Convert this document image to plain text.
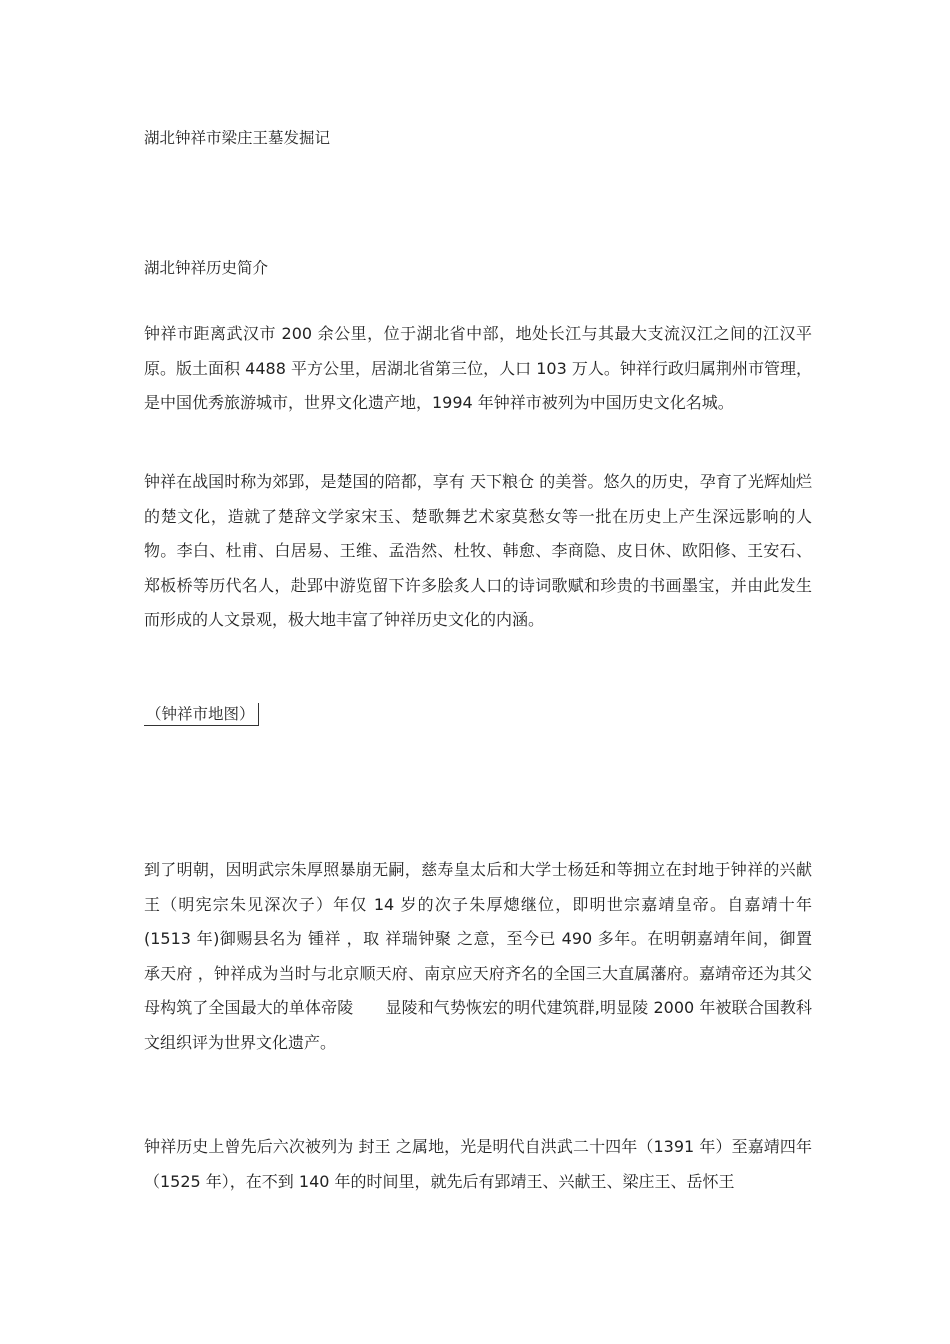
湖北钟祥市梁庄王墓发掘记
湖北钟祥历史简介

钟祥市距离武汉市 200 余公里，位于湖北省中部，地处长江与其最大支流汉江之间的江汉平原。版土面积 4488 平方公里，居湖北省第三位，人口 103 万人。钟祥行政归属荆州市管理，是中国优秀旅游城市，世界文化遗产地，1994 年钟祥市被列为中国历史文化名城。

钟祥在战国时称为郊郢，是楚国的陪都，享有 天下粮仓 的美誉。悠久的历史，孕育了光辉灿烂的楚文化，造就了楚辞文学家宋玉、楚歌舞艺术家莫愁女等一批在历史上产生深远影响的人物。李白、杜甫、白居易、王维、孟浩然、杜牧、韩愈、李商隐、皮日休、欧阳修、王安石、郑板桥等历代名人，赴郢中游览留下许多脍炙人口的诗词歌赋和珍贵的书画墨宝，并由此发生而形成的人文景观，极大地丰富了钟祥历史文化的内涵。

（钟祥市地图）

到了明朝，因明武宗朱厚照暴崩无嗣，慈寿皇太后和大学士杨廷和等拥立在封地于钟祥的兴献王（明宪宗朱见深次子）年仅 14 岁的次子朱厚熜继位，即明世宗嘉靖皇帝。自嘉靖十年(1513 年)御赐县名为 锺祥 ，取 祥瑞钟聚 之意，至今已 490 多年。在明朝嘉靖年间，御置 承天府 ，钟祥成为当时与北京顺天府、南京应天府齐名的全国三大直属藩府。嘉靖帝还为其父母构筑了全国最大的单体帝陵　　显陵和气势恢宏的明代建筑群,明显陵 2000 年被联合国教科文组织评为世界文化遗产。

钟祥历史上曾先后六次被列为 封王 之属地，光是明代自洪武二十四年（1391 年）至嘉靖四年（1525 年），在不到 140 年的时间里，就先后有郢靖王、兴献王、梁庄王、岳怀王
